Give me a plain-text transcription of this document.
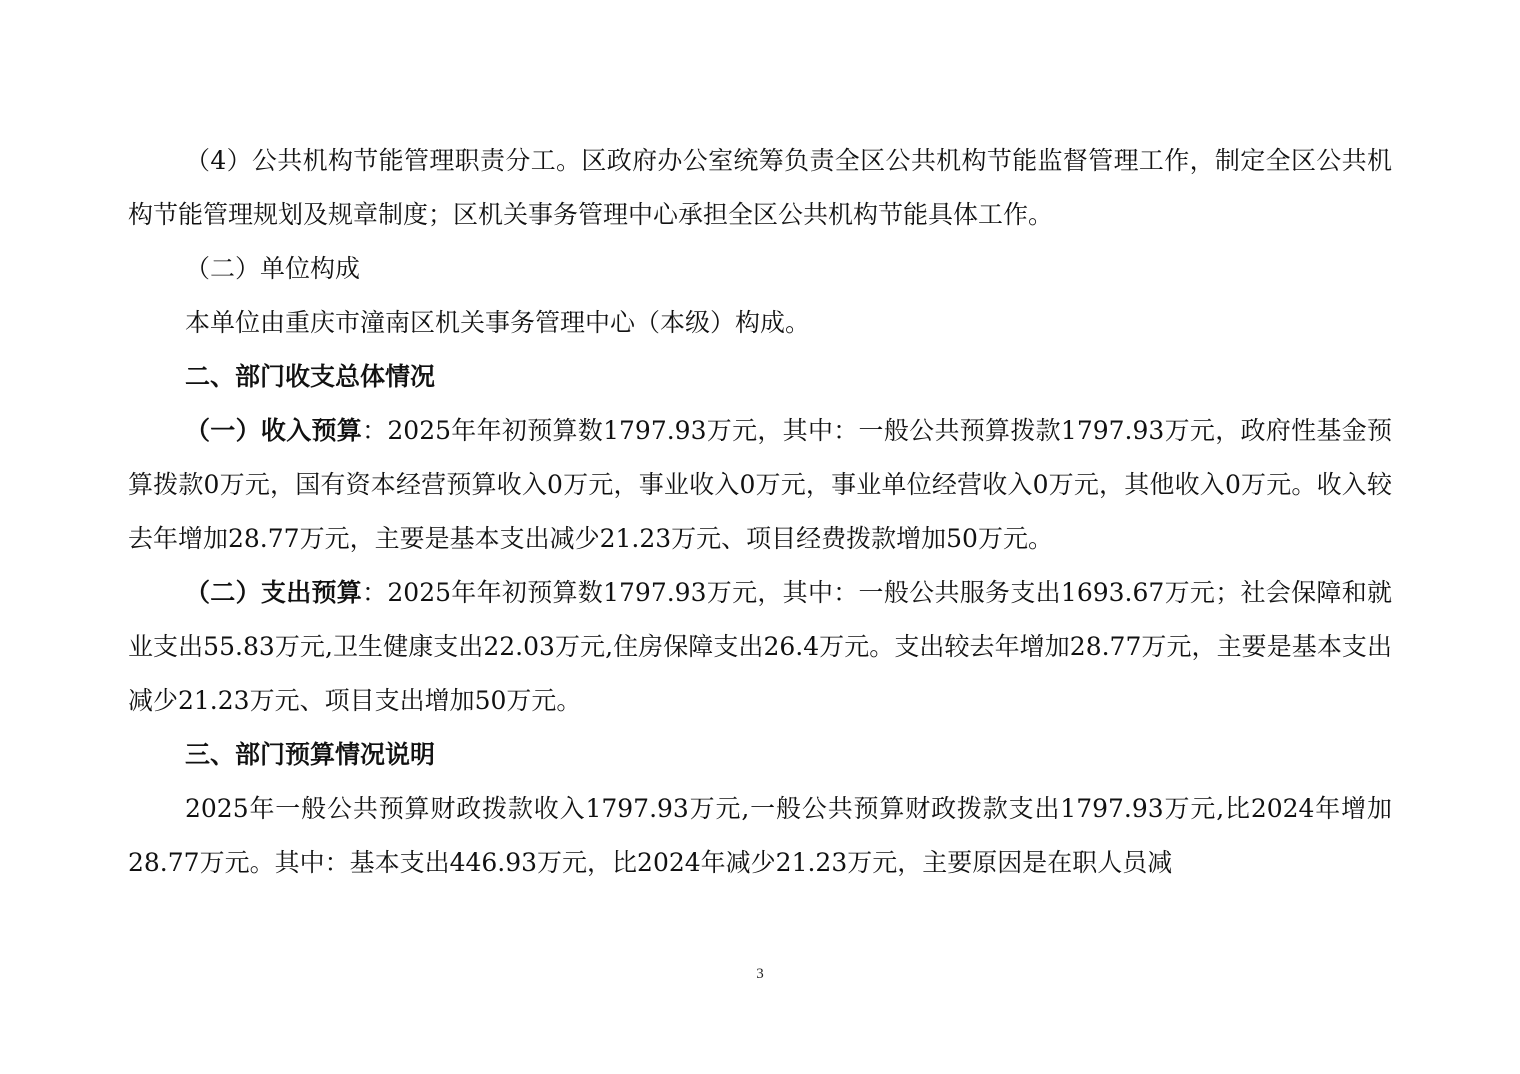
（4）公共机构节能管理职责分工。区政府办公室统筹负责全区公共机构节能监督管理工作，制定全区公共机构节能管理规划及规章制度；区机关事务管理中心承担全区公共机构节能具体工作。

（二）单位构成

本单位由重庆市潼南区机关事务管理中心（本级）构成。

二、部门收支总体情况

（一）收入预算：2025年年初预算数1797.93万元，其中：一般公共预算拨款1797.93万元，政府性基金预算拨款0万元，国有资本经营预算收入0万元，事业收入0万元，事业单位经营收入0万元，其他收入0万元。收入较去年增加28.77万元，主要是基本支出减少21.23万元、项目经费拨款增加50万元。

（二）支出预算：2025年年初预算数1797.93万元，其中：一般公共服务支出1693.67万元；社会保障和就业支出55.83万元,卫生健康支出22.03万元,住房保障支出26.4万元。支出较去年增加28.77万元，主要是基本支出减少21.23万元、项目支出增加50万元。

三、部门预算情况说明

2025年一般公共预算财政拨款收入1797.93万元,一般公共预算财政拨款支出1797.93万元,比2024年增加28.77万元。其中：基本支出446.93万元，比2024年减少21.23万元，主要原因是在职人员减

3
